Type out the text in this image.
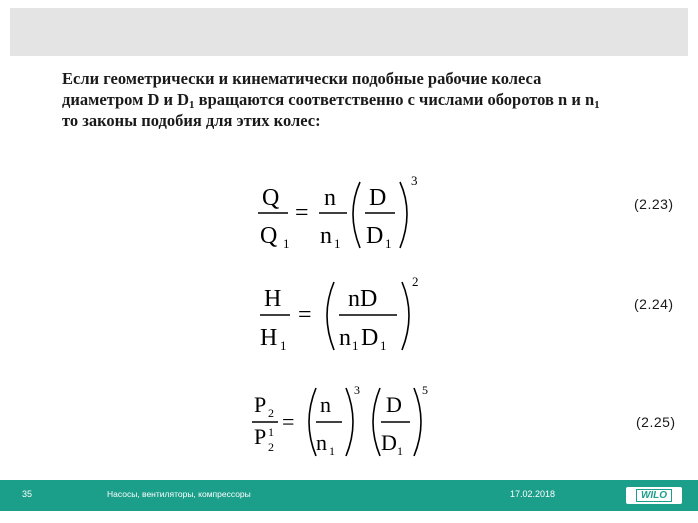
Если геометрически и кинематически подобные рабочие колеса
диаметром D и $D_1$ вращаются соответственно с числами оборотов n и $n_1$
то законы подобия для этих колес:
Q
Q 1
=
n
n 1
D
D 1
3
(2.23)
H
H 1
=
nD
n 1 D 1
2
(2.24)
P 2
P 1
2
=
n
n 1
3
D
D 1
5
(2.25)
35	Насосы, вентиляторы, компрессоры	17.02.2018	WILO
